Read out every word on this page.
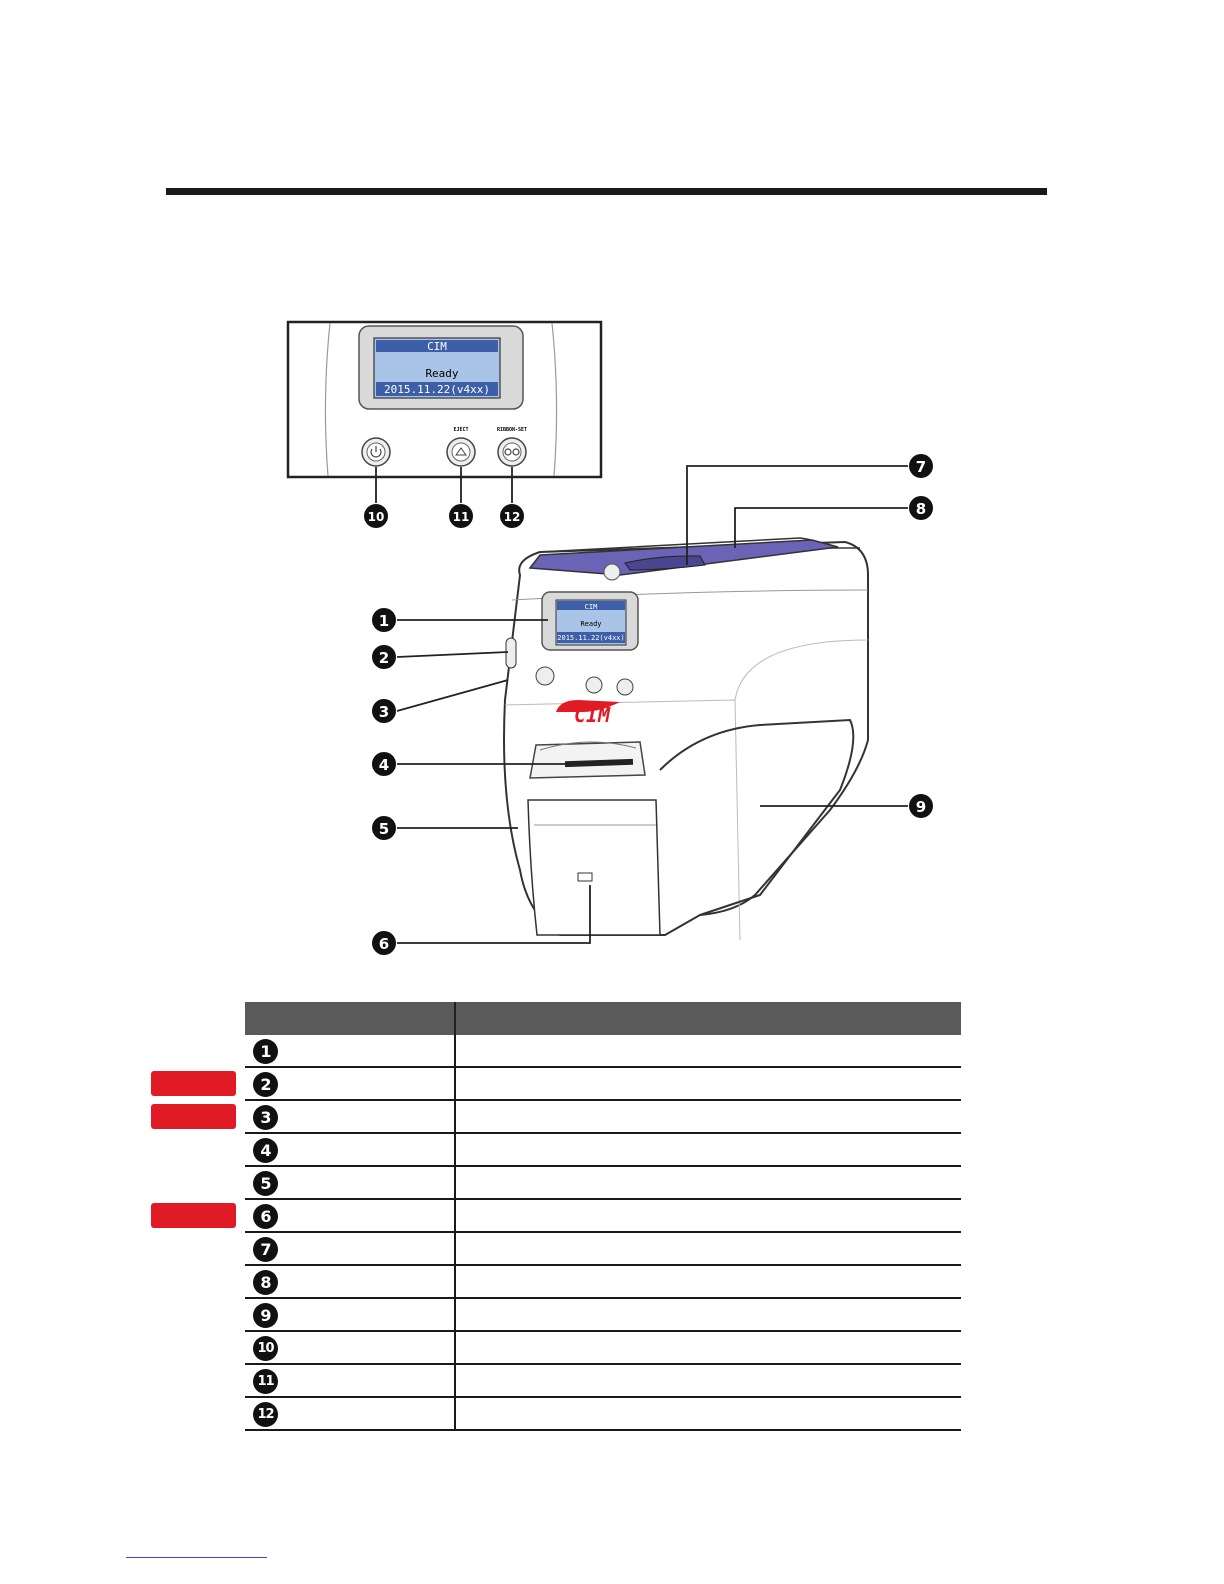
CIM
Ready
2015.11.22(v4xx)
EJECT	RIBBON-SET
CIM
Ready
2015.11.22(v4xx)
CIM
1
2
3
4
5
6
7
8
9
10	11	12
1
2
3
4
5
6
7
8
9
10
11
12
